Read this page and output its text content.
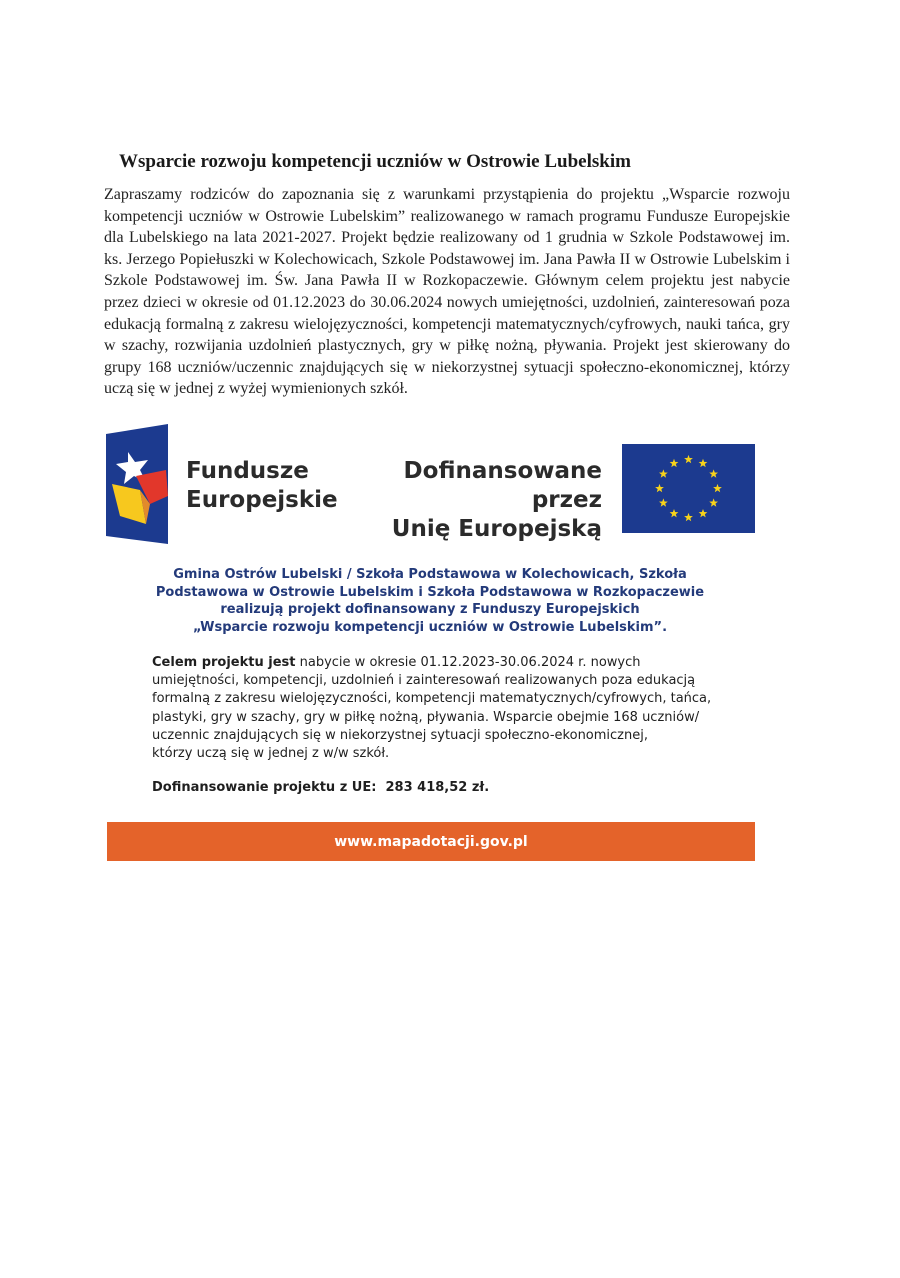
Wsparcie rozwoju kompetencji uczniów w Ostrowie Lubelskim
Zapraszamy rodziców do zapoznania się z warunkami przystąpienia do projektu „Wsparcie rozwoju kompetencji uczniów w Ostrowie Lubelskim” realizowanego w ramach programu Fundusze Europejskie dla Lubelskiego na lata 2021-2027. Projekt będzie realizowany od 1 grudnia w Szkole Podstawowej im. ks. Jerzego Popiełuszki w Kolechowicach, Szkole Podstawowej im. Jana Pawła II w Ostrowie Lubelskim i Szkole Podstawowej im. Św. Jana Pawła II w Rozkopaczewie. Głównym celem projektu jest nabycie przez dzieci w okresie od 01.12.2023 do 30.06.2024 nowych umiejętności, uzdolnień, zainteresowań poza edukacją formalną z zakresu wielojęzyczności, kompetencji matematycznych/cyfrowych, nauki tańca, gry w szachy, rozwijania uzdolnień plastycznych, gry w piłkę nożną, pływania. Projekt jest skierowany do grupy 168 uczniów/uczennic znajdujących się w niekorzystnej sytuacji społeczno-ekonomicznej, którzy uczą się w jednej z wyżej wymienionych szkół.
Fundusze
Europejskie
Dofinansowane przez
Unię Europejską
Gmina Ostrów Lubelski / Szkoła Podstawowa w Kolechowicach, Szkoła
Podstawowa w Ostrowie Lubelskim i Szkoła Podstawowa w Rozkopaczewie
realizują projekt dofinansowany z Funduszy Europejskich
„Wsparcie rozwoju kompetencji uczniów w Ostrowie Lubelskim”.
Celem projektu jest nabycie w okresie 01.12.2023-30.06.2024 r. nowych
umiejętności, kompetencji, uzdolnień i zainteresowań realizowanych poza edukacją
formalną z zakresu wielojęzyczności, kompetencji matematycznych/cyfrowych, tańca,
plastyki, gry w szachy, gry w piłkę nożną, pływania. Wsparcie obejmie 168 uczniów/
uczennic znajdujących się w niekorzystnej sytuacji społeczno-ekonomicznej,
którzy uczą się w jednej z w/w szkół.
Dofinansowanie projektu z UE:  283 418,52 zł.
www.mapadotacji.gov.pl
